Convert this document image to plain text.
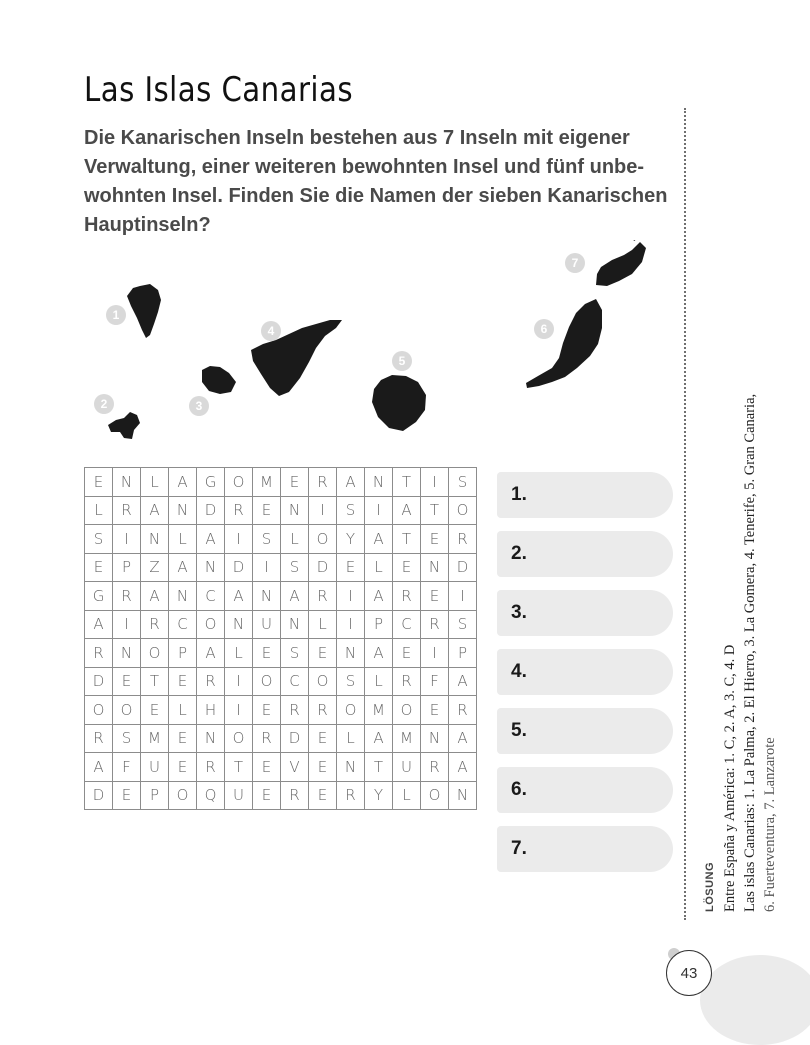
Las Islas Canarias

Die Kanarischen Inseln bestehen aus 7 Inseln mit eigener Verwaltung, einer weiteren bewohnten Insel und fünf unbewohnten Insel. Finden Sie die Namen der sieben Kanarischen Hauptinseln?

1
2	3
4
5
6
7
E	N	L	A	G	O	M	E	R	A	N	T	I	S
L	R	A	N	D	R	E	N	I	S	I	A	T	O
S	I	N	L	A	I	S	L	O	Y	A	T	E	R
E	P	Z	A	N	D	I	S	D	E	L	E	N	D
G	R	A	N	C	A	N	A	R	I	A	R	E	I
A	I	R	C	O	N	U	N	L	I	P	C	R	S
R	N	O	P	A	L	E	S	E	N	A	E	I	P
D	E	T	E	R	I	O	C	O	S	L	R	F	A
O	O	E	L	H	I	E	R	R	O	M	O	E	R
R	S	M	E	N	O	R	D	E	L	A	M	N	A
A	F	U	E	R	T	E	V	E	N	T	U	R	A
D	E	P	O	Q	U	E	R	E	R	Y	L	O	N
1.
2.
3.
4.
5.
6.
7.
LÖSUNG Entre España y América: 1. C, 2. A, 3. C, 4. D Las islas Canarias: 1. La Palma, 2. El Hierro, 3. La Gomera, 4. Tenerife, 5. Gran Canaria, 6. Fuerteventura, 7. Lanzarote
43
